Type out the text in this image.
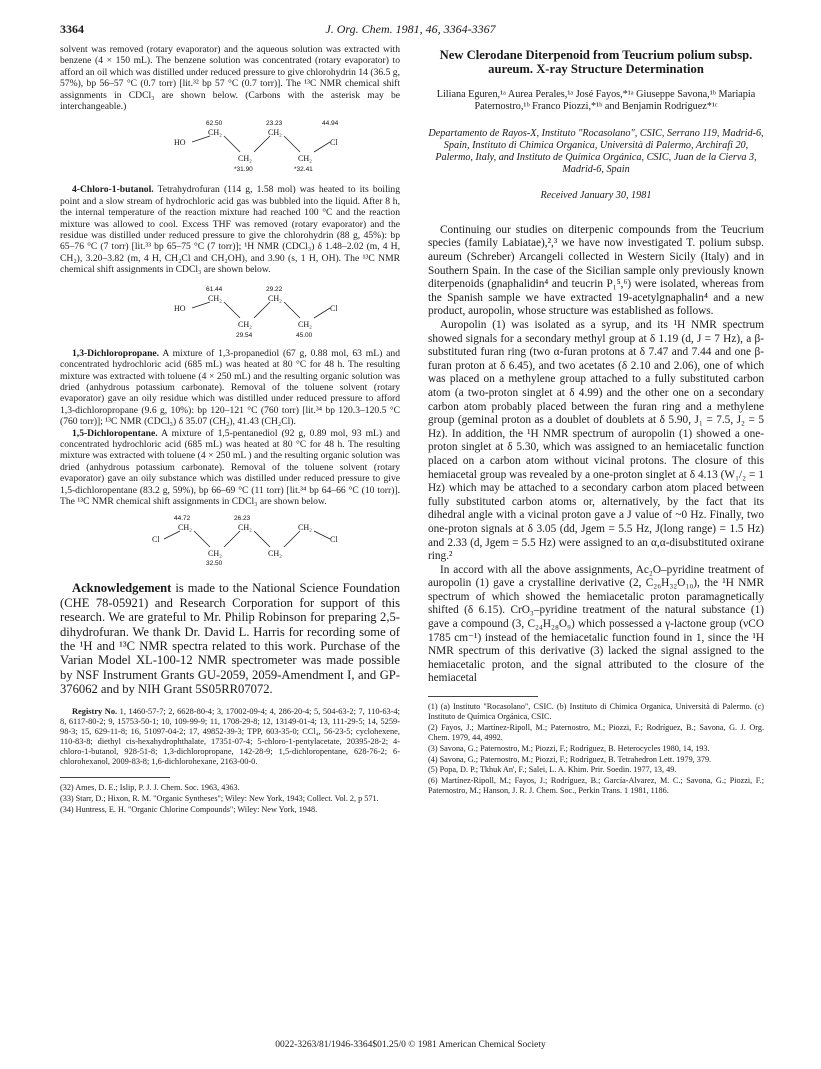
3364	J. Org. Chem. 1981, 46, 3364-3367

solvent was removed (rotary evaporator) and the aqueous solution was extracted with benzene (4 × 150 mL). The benzene solution was concentrated (rotary evaporator) to afford an oil which was distilled under reduced pressure to give chlorohydrin 14 (36.5 g, 57%), bp 56–57 °C (0.7 torr) [lit.³² bp 57 °C (0.7 torr)]. The ¹³C NMR chemical shift assignments in CDCl₃ are shown below. (Carbons with the asterisk may be interchangeable.)

HO
CH₂
CH₂
CH₂
CH₂
Cl
62.50	23.23	44.94
*31.90	*32.41

4-Chloro-1-butanol. Tetrahydrofuran (114 g, 1.58 mol) was heated to its boiling point and a slow stream of hydrochloric acid gas was bubbled into the liquid. After 8 h, the internal temperature of the reaction mixture had reached 100 °C and the reaction mixture was allowed to cool. Excess THF was removed (rotary evaporator) and the residue was distilled under reduced pressure to give the chlorohydrin (88 g, 45%): bp 65–76 °C (7 torr) [lit.³³ bp 65–75 °C (7 torr)]; ¹H NMR (CDCl₃) δ 1.48–2.02 (m, 4 H, CH₂), 3.20–3.82 (m, 4 H, CH₂Cl and CH₂OH), and 3.90 (s, 1 H, OH). The ¹³C NMR chemical shift assignments in CDCl₃ are shown below.

HO
CH₂
CH₂
CH₂
CH₂
Cl
61.44	29.22
29.54	45.00

1,3-Dichloropropane. A mixture of 1,3-propanediol (67 g, 0.88 mol, 63 mL) and concentrated hydrochloric acid (685 mL) was heated at 80 °C for 48 h. The resulting mixture was extracted with toluene (4 × 250 mL) and the resulting organic solution was dried (anhydrous potassium carbonate). Removal of the toluene solvent (rotary evaporator) gave an oily residue which was distilled under reduced pressure to afford 1,3-dichloropropane (9.6 g, 10%): bp 120–121 °C (760 torr) [lit.³⁴ bp 120.3–120.5 °C (760 torr)]; ¹³C NMR (CDCl₃) δ 35.07 (CH₂), 41.43 (CH₂Cl).

1,5-Dichloropentane. A mixture of 1,5-pentanediol (92 g, 0.89 mol, 93 mL) and concentrated hydrochloric acid (685 mL) was heated at 80 °C for 48 h. The resulting mixture was extracted with toluene (4 × 250 mL ) and the resulting organic solution was dried (anhydrous potassium carbonate). Removal of the toluene solvent (rotary evaporator) gave an oily substance which was distilled under reduced pressure to give 1,5-dichloropentane (83.2 g, 59%), bp 66–69 °C (11 torr) [lit.³⁴ bp 64–66 °C (10 torr)]. The ¹³C NMR chemical shift assignments in CDCl₃ are shown below.

Cl
CH₂
CH₂
CH₂
CH₂
CH₂
Cl
44.72	26.23
32.50

Acknowledgement is made to the National Science Foundation (CHE 78-05921) and Research Corporation for support of this research. We are grateful to Mr. Philip Robinson for preparing 2,5-dihydrofuran. We thank Dr. David L. Harris for recording some of the ¹H and ¹³C NMR spectra related to this work. Purchase of the Varian Model XL-100-12 NMR spectrometer was made possible by NSF Instrument Grants GU-2059, 2059-Amendment I, and GP-376062 and by NIH Grant 5S05RR07072.

Registry No. 1, 1460-57-7; 2, 6628-80-4; 3, 17002-09-4; 4, 286-20-4; 5, 504-63-2; 7, 110-63-4; 8, 6117-80-2; 9, 15753-50-1; 10, 109-99-9; 11, 1708-29-8; 12, 13149-01-4; 13, 111-29-5; 14, 5259-98-3; 15, 629-11-8; 16, 51097-04-2; 17, 49852-39-3; TPP, 603-35-0; CCl₄, 56-23-5; cyclohexene, 110-83-8; diethyl cis-hexahydrophthalate, 17351-07-4; 5-chloro-1-pentylacetate, 20395-28-2; 4-chloro-1-butanol, 928-51-8; 1,3-dichloropropane, 142-28-9; 1,5-dichloropentane, 628-76-2; 6-chlorohexanol, 2009-83-8; 1,6-dichlorohexane, 2163-00-0.

(32) Ames, D. E.; Islip, P. J. J. Chem. Soc. 1963, 4363.

(33) Starr, D.; Hixon, R. M. "Organic Syntheses"; Wiley: New York, 1943; Collect. Vol. 2, p 571.

(34) Huntress, E. H. "Organic Chlorine Compounds"; Wiley: New York, 1948.

New Clerodane Diterpenoid from Teucrium polium subsp. aureum. X-ray Structure Determination
Liliana Eguren,¹ᵃ Aurea Perales,¹ᵃ José Fayos,*¹ᵃ Giuseppe Savona,¹ᵇ Mariapia Paternostro,¹ᵇ Franco Piozzi,*¹ᵇ and Benjamin Rodríguez*¹ᶜ
Departamento de Rayos-X, Instituto "Rocasolano", CSIC, Serrano 119, Madrid-6, Spain, Instituto di Chimica Organica, Università di Palermo, Archirafi 20, Palermo, Italy, and Instituto de Química Orgánica, CSIC, Juan de la Cierva 3, Madrid-6, Spain
Received January 30, 1981

Continuing our studies on diterpenic compounds from the Teucrium species (family Labiatae),²,³ we have now investigated T. polium subsp. aureum (Schreber) Arcangeli collected in Western Sicily (Italy) and in Southern Spain. In the case of the Sicilian sample only previously known diterpenoids (gnaphalidin⁴ and teucrin P₁⁵,⁶) were isolated, whereas from the Spanish sample we have extracted 19-acetylgnaphalin⁴ and a new product, auropolin, whose structure was established as follows.

Auropolin (1) was isolated as a syrup, and its ¹H NMR spectrum showed signals for a secondary methyl group at δ 1.19 (d, J = 7 Hz), a β-substituted furan ring (two α-furan protons at δ 7.47 and 7.44 and one β-furan proton at δ 6.45), and two acetates (δ 2.10 and 2.06), one of which was placed on a methylene group attached to a fully substituted carbon atom (a two-proton singlet at δ 4.99) and the other one on a secondary carbon atom probably placed between the furan ring and a methylene group (geminal proton as a doublet of doublets at δ 5.90, J₁ = 7.5, J₂ = 5 Hz). In addition, the ¹H NMR spectrum of auropolin (1) showed a one-proton singlet at δ 5.30, which was assigned to an hemiacetalic function placed on a carbon atom without vicinal protons. The closure of this hemiacetal group was revealed by a one-proton singlet at δ 4.13 (W₁/₂ = 1 Hz) which may be attached to a secondary carbon atom placed between fully substituted carbon atoms or, alternatively, by the fact that its dihedral angle with a vicinal proton gave a J value of ~0 Hz. Finally, two one-proton signals at δ 3.05 (dd, Jgem = 5.5 Hz, J(long range) = 1.5 Hz) and 2.33 (d, Jgem = 5.5 Hz) were assigned to an α,α-disubstituted oxirane ring.²

In accord with all the above assignments, Ac₂O–pyridine treatment of auropolin (1) gave a crystalline derivative (2, C₂₆H₃₂O₁₀), the ¹H NMR spectrum of which showed the hemiacetalic proton paramagnetically shifted (δ 6.15). CrO₃–pyridine treatment of the natural substance (1) gave a compound (3, C₂₄H₂₈O₉) which possessed a γ-lactone group (νCO 1785 cm⁻¹) instead of the hemiacetalic function found in 1, since the ¹H NMR spectrum of this derivative (3) lacked the signal assigned to the hemiacetalic proton, and the signal attributed to the closure of the hemiacetal

(1) (a) Instituto "Rocasolano", CSIC. (b) Instituto di Chimica Organica, Università di Palermo. (c) Instituto de Química Orgánica, CSIC.

(2) Fayos, J.; Martínez-Ripoll, M.; Paternostro, M.; Piozzi, F.; Rodríguez, B.; Savona, G. J. Org. Chem. 1979, 44, 4992.

(3) Savona, G.; Paternostro, M.; Piozzi, F.; Rodríguez, B. Heterocycles 1980, 14, 193.

(4) Savona, G.; Paternostro, M.; Piozzi, F.; Rodríguez, B. Tetrahedron Lett. 1979, 379.

(5) Popa, D. P.; Tkhuk An', F.; Salei, L. A. Khim. Prir. Soedin. 1977, 13, 49.

(6) Martínez-Ripoll, M.; Fayos, J.; Rodríguez, B.; García-Alvarez, M. C.; Savona, G.; Piozzi, F.; Paternostro, M.; Hanson, J. R. J. Chem. Soc., Perkin Trans. 1 1981, 1186.

0022-3263/81/1946-3364$01.25/0 © 1981 American Chemical Society
